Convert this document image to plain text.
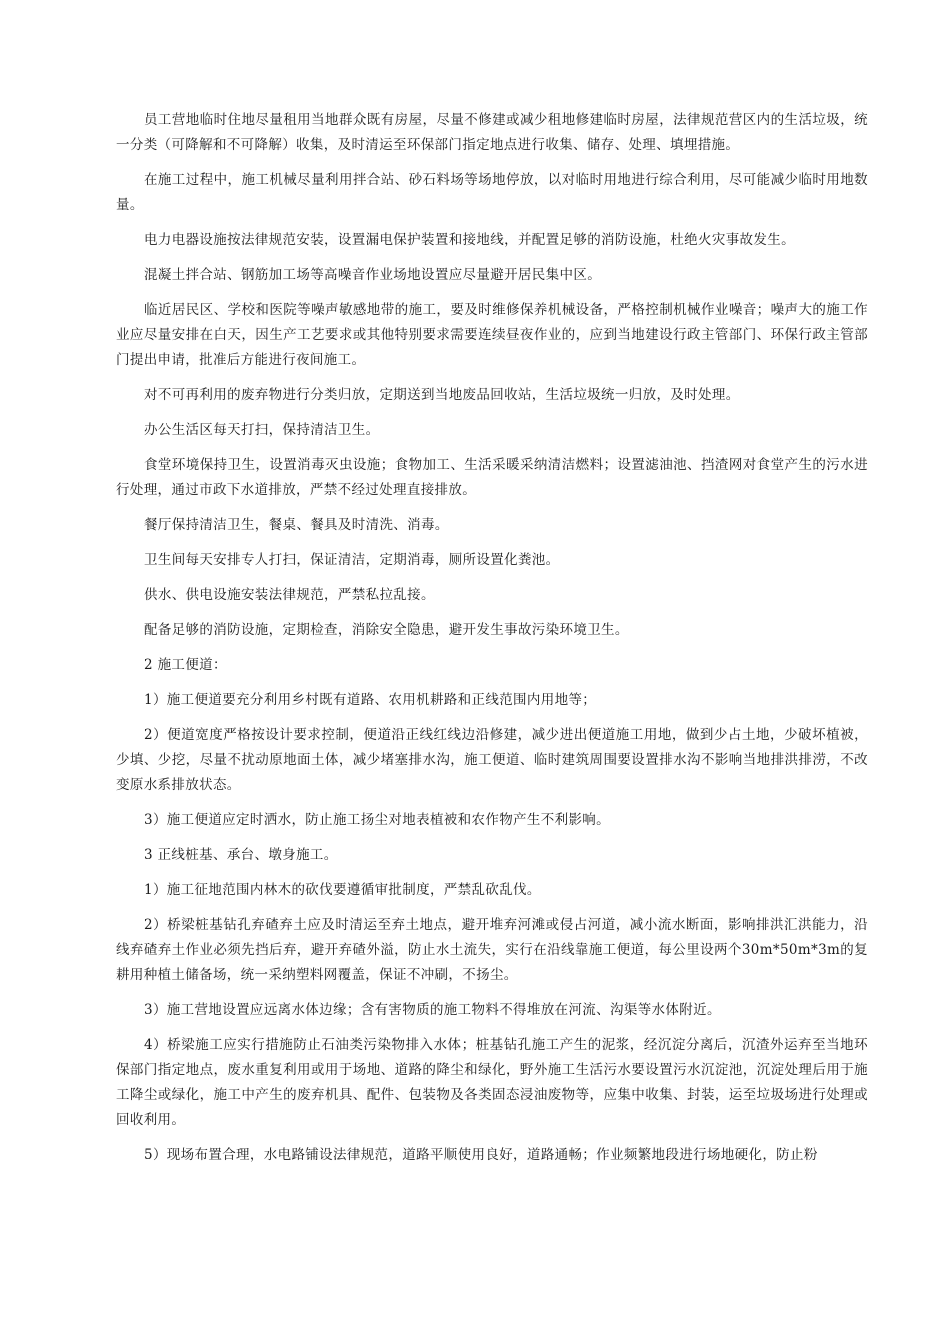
员工营地临时住地尽量租用当地群众既有房屋，尽量不修建或减少租地修建临时房屋，法律规范营区内的生活垃圾，统一分类（可降解和不可降解）收集，及时清运至环保部门指定地点进行收集、储存、处理、填埋措施。

在施工过程中，施工机械尽量利用拌合站、砂石料场等场地停放，以对临时用地进行综合利用，尽可能减少临时用地数量。

电力电器设施按法律规范安装，设置漏电保护装置和接地线，并配置足够的消防设施，杜绝火灾事故发生。

混凝土拌合站、钢筋加工场等高噪音作业场地设置应尽量避开居民集中区。

临近居民区、学校和医院等噪声敏感地带的施工，要及时维修保养机械设备，严格控制机械作业噪音；噪声大的施工作业应尽量安排在白天，因生产工艺要求或其他特别要求需要连续昼夜作业的，应到当地建设行政主管部门、环保行政主管部门提出申请，批准后方能进行夜间施工。

对不可再利用的废弃物进行分类归放，定期送到当地废品回收站，生活垃圾统一归放，及时处理。

办公生活区每天打扫，保持清洁卫生。

食堂环境保持卫生，设置消毒灭虫设施；食物加工、生活采暖采纳清洁燃料；设置滤油池、挡渣网对食堂产生的污水进行处理，通过市政下水道排放，严禁不经过处理直接排放。

餐厅保持清洁卫生，餐桌、餐具及时清洗、消毒。

卫生间每天安排专人打扫，保证清洁，定期消毒，厕所设置化粪池。

供水、供电设施安装法律规范，严禁私拉乱接。

配备足够的消防设施，定期检查，消除安全隐患，避开发生事故污染环境卫生。

2 施工便道：

1）施工便道要充分利用乡村既有道路、农用机耕路和正线范围内用地等；

2）便道宽度严格按设计要求控制，便道沿正线红线边沿修建，减少进出便道施工用地，做到少占土地，少破坏植被，少填、少挖，尽量不扰动原地面土体，减少堵塞排水沟，施工便道、临时建筑周围要设置排水沟不影响当地排洪排涝，不改变原水系排放状态。

3）施工便道应定时洒水，防止施工扬尘对地表植被和农作物产生不利影响。

3 正线桩基、承台、墩身施工。

1）施工征地范围内林木的砍伐要遵循审批制度，严禁乱砍乱伐。

2）桥梁桩基钻孔弃碴弃土应及时清运至弃土地点，避开堆弃河滩或侵占河道，减小流水断面，影响排洪汇洪能力，沿线弃碴弃土作业必须先挡后弃，避开弃碴外溢，防止水土流失，实行在沿线靠施工便道，每公里设两个30m*50m*3m的复耕用种植土储备场，统一采纳塑料网覆盖，保证不冲刷，不扬尘。

3）施工营地设置应远离水体边缘；含有害物质的施工物料不得堆放在河流、沟渠等水体附近。

4）桥梁施工应实行措施防止石油类污染物排入水体；桩基钻孔施工产生的泥浆，经沉淀分离后，沉渣外运弃至当地环保部门指定地点，废水重复利用或用于场地、道路的降尘和绿化，野外施工生活污水要设置污水沉淀池，沉淀处理后用于施工降尘或绿化，施工中产生的废弃机具、配件、包装物及各类固态浸油废物等，应集中收集、封装，运至垃圾场进行处理或回收利用。

5）现场布置合理，水电路铺设法律规范，道路平顺使用良好，道路通畅；作业频繁地段进行场地硬化，防止粉
